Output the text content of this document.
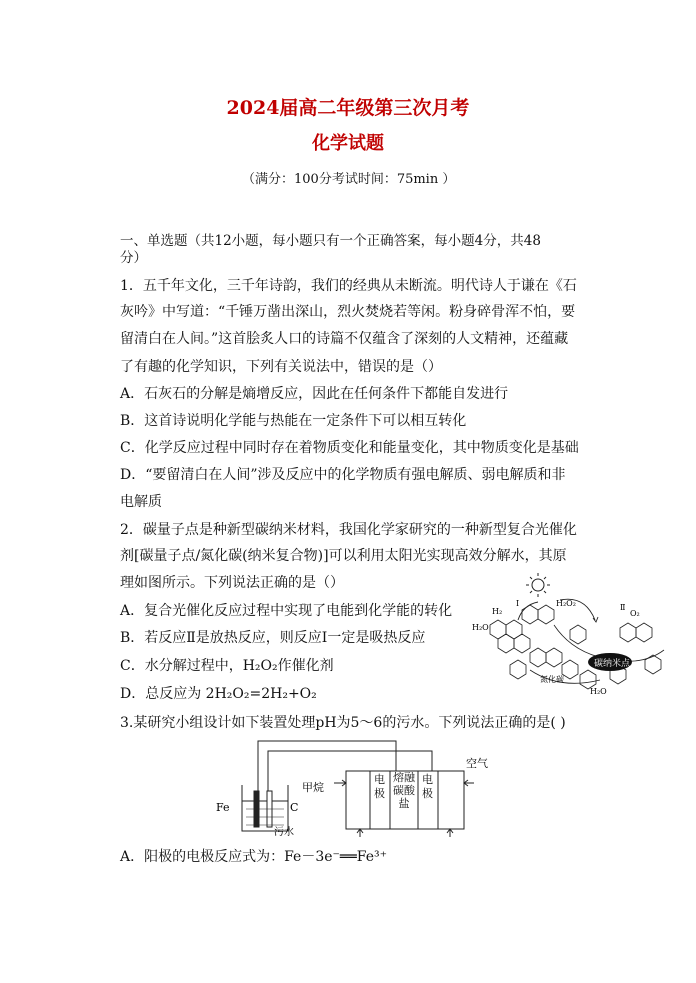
2024届高二年级第三次月考
化学试题
（满分：100分考试时间：75min ）
一、单选题（共12小题，每小题只有一个正确答案，每小题4分，共48
分）
1．五千年文化，三千年诗韵，我们的经典从未断流。明代诗人于谦在《石
灰吟》中写道：“千锤万凿出深山，烈火焚烧若等闲。粉身碎骨浑不怕，要
留清白在人间。”这首脍炙人口的诗篇不仅蕴含了深刻的人文精神，还蕴藏
了有趣的化学知识，下列有关说法中，错误的是（）
A．石灰石的分解是熵增反应，因此在任何条件下都能自发进行
B．这首诗说明化学能与热能在一定条件下可以相互转化
C．化学反应过程中同时存在着物质变化和能量变化，其中物质变化是基础
D．“要留清白在人间”涉及反应中的化学物质有强电解质、弱电解质和非
电解质
2．碳量子点是种新型碳纳米材料，我国化学家研究的一种新型复合光催化
剂[碳量子点/氮化碳(纳米复合物)]可以利用太阳光实现高效分解水，其原
理如图所示。下列说法正确的是（）
A．复合光催化反应过程中实现了电能到化学能的转化
B．若反应Ⅱ是放热反应，则反应Ⅰ一定是吸热反应
C．水分解过程中，H₂O₂作催化剂
D．总反应为 2H₂O₂=2H₂+O₂
碳纳米点
Ⅰ	H₂O₂
H₂O
H₂	Ⅱ
O₂
氮化碳
H₂O
3.某研究小组设计如下装置处理pH为5～6的污水。下列说法正确的是( )
Fe	C
污水
甲烷
空气
电极
熔融碳酸盐
电极
A．阳极的电极反应式为：Fe－3e⁻══Fe³⁺
